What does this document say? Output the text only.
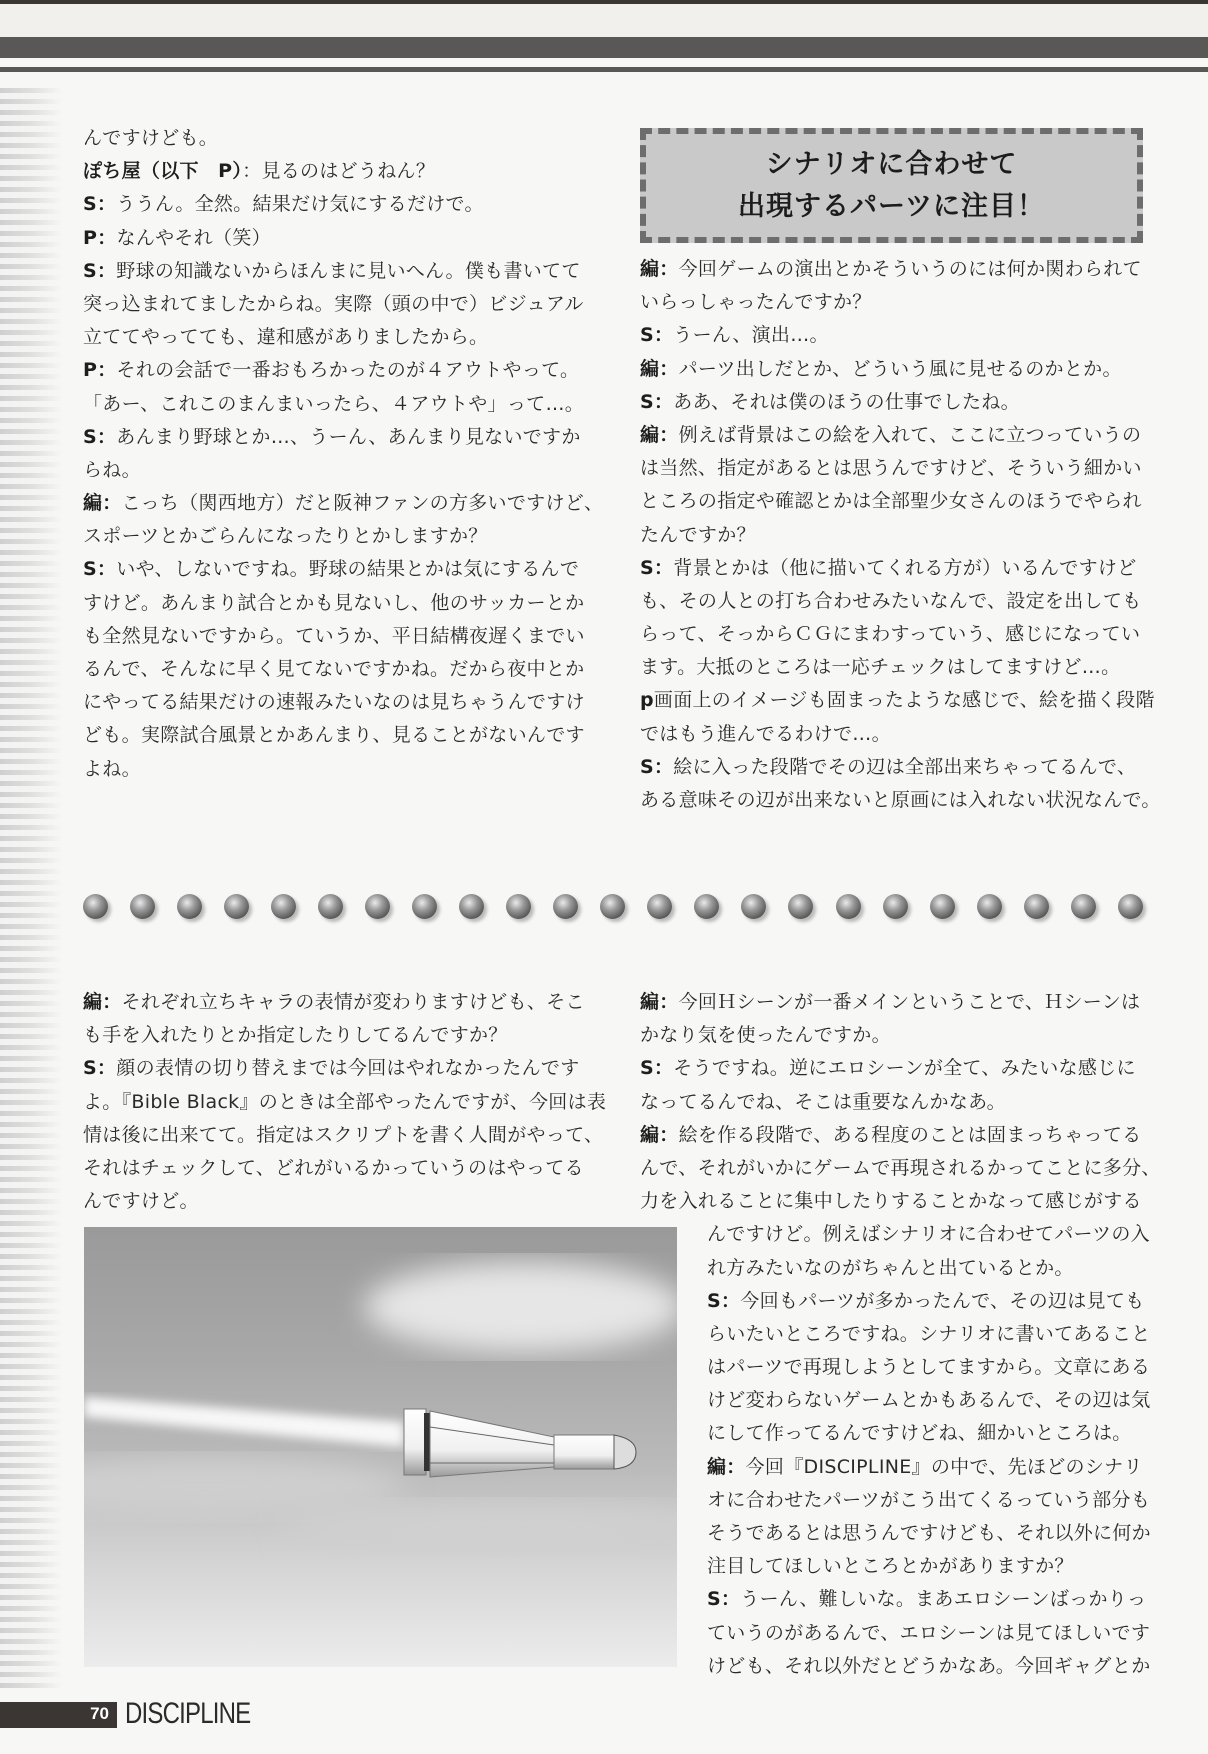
んですけども。
ぽち屋（以下　P）：見るのはどうねん？
S：ううん。全然。結果だけ気にするだけで。
P：なんやそれ（笑）
S：野球の知識ないからほんまに見いへん。僕も書いてて
突っ込まれてましたからね。実際（頭の中で）ビジュアル
立ててやってても、違和感がありましたから。
P：それの会話で一番おもろかったのが４アウトやって。
「あー、これこのまんまいったら、４アウトや」って…。
S：あんまり野球とか…、うーん、あんまり見ないですか
らね。
編：こっち（関西地方）だと阪神ファンの方多いですけど、
スポーツとかごらんになったりとかしますか？
S：いや、しないですね。野球の結果とかは気にするんで
すけど。あんまり試合とかも見ないし、他のサッカーとか
も全然見ないですから。ていうか、平日結構夜遅くまでい
るんで、そんなに早く見てないですかね。だから夜中とか
にやってる結果だけの速報みたいなのは見ちゃうんですけ
ども。実際試合風景とかあんまり、見ることがないんです
よね。
シナリオに合わせて
出現するパーツに注目！
編：今回ゲームの演出とかそういうのには何か関わられて
いらっしゃったんですか？
S：うーん、演出…。
編：パーツ出しだとか、どういう風に見せるのかとか。
S：ああ、それは僕のほうの仕事でしたね。
編：例えば背景はこの絵を入れて、ここに立つっていうの
は当然、指定があるとは思うんですけど、そういう細かい
ところの指定や確認とかは全部聖少女さんのほうでやられ
たんですか？
S：背景とかは（他に描いてくれる方が）いるんですけど
も、その人との打ち合わせみたいなんで、設定を出しても
らって、そっからＣＧにまわすっていう、感じになってい
ます。大抵のところは一応チェックはしてますけど…。
p画面上のイメージも固まったような感じで、絵を描く段階
ではもう進んでるわけで…。
S：絵に入った段階でその辺は全部出来ちゃってるんで、
ある意味その辺が出来ないと原画には入れない状況なんで。
編：それぞれ立ちキャラの表情が変わりますけども、そこ
も手を入れたりとか指定したりしてるんですか？
S：顔の表情の切り替えまでは今回はやれなかったんです
よ。『Bible Black』のときは全部やったんですが、今回は表
情は後に出来てて。指定はスクリプトを書く人間がやって、
それはチェックして、どれがいるかっていうのはやってる
んですけど。
編：今回Ｈシーンが一番メインということで、Ｈシーンは
かなり気を使ったんですか。
S：そうですね。逆にエロシーンが全て、みたいな感じに
なってるんでね、そこは重要なんかなあ。
編：絵を作る段階で、ある程度のことは固まっちゃってる
んで、それがいかにゲームで再現されるかってことに多分、
力を入れることに集中したりすることかなって感じがする
んですけど。例えばシナリオに合わせてパーツの入
れ方みたいなのがちゃんと出ているとか。
S：今回もパーツが多かったんで、その辺は見ても
らいたいところですね。シナリオに書いてあること
はパーツで再現しようとしてますから。文章にある
けど変わらないゲームとかもあるんで、その辺は気
にして作ってるんですけどね、細かいところは。
編：今回『DISCIPLINE』の中で、先ほどのシナリ
オに合わせたパーツがこう出てくるっていう部分も
そうであるとは思うんですけども、それ以外に何か
注目してほしいところとかがありますか？
S：うーん、難しいな。まあエロシーンばっかりっ
ていうのがあるんで、エロシーンは見てほしいです
けども、それ以外だとどうかなあ。今回ギャグとか
70 DISCIPLINE
